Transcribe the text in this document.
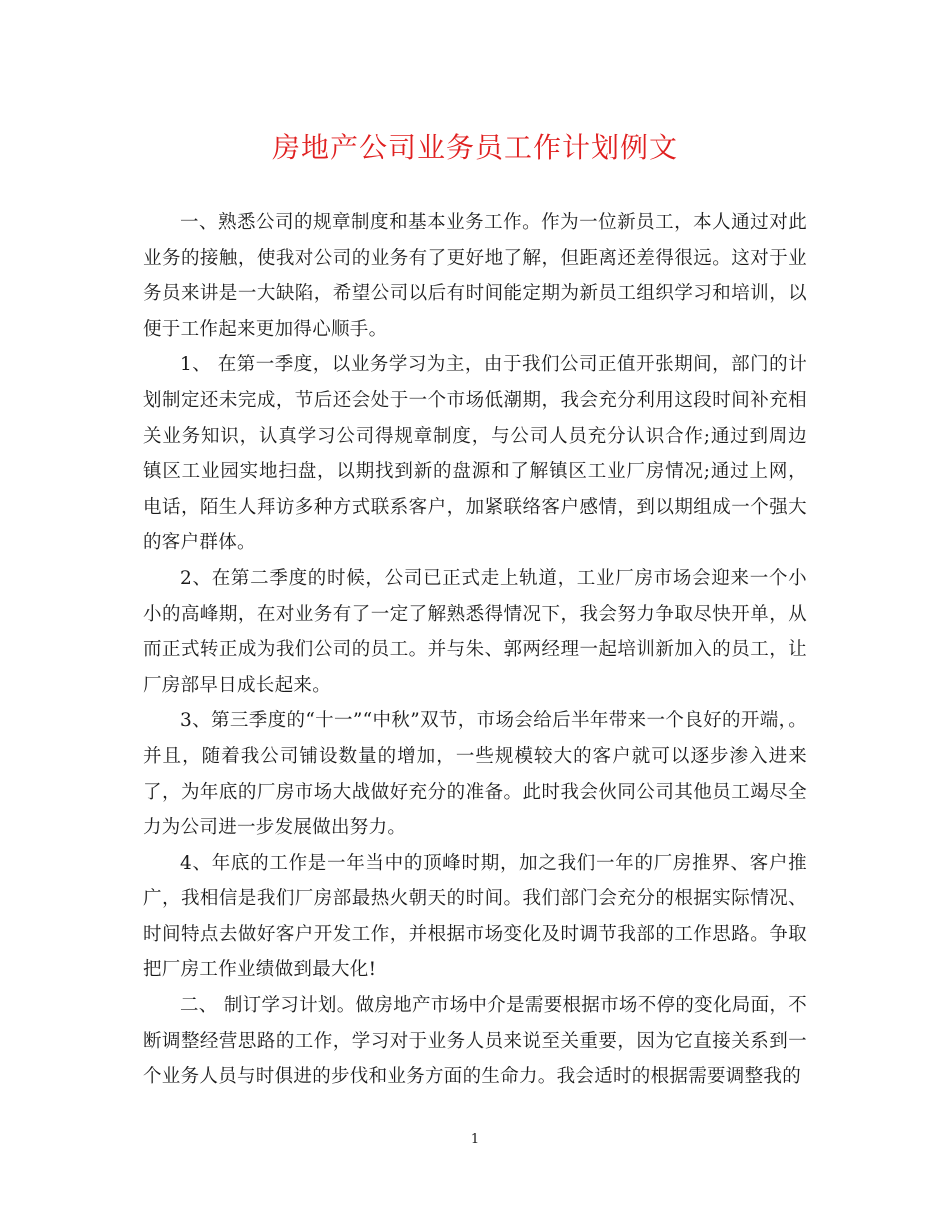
房地产公司业务员工作计划例文

一、熟悉公司的规章制度和基本业务工作。作为一位新员工，本人通过对此业务的接触，使我对公司的业务有了更好地了解，但距离还差得很远。这对于业务员来讲是一大缺陷，希望公司以后有时间能定期为新员工组织学习和培训，以便于工作起来更加得心顺手。

1、 在第一季度，以业务学习为主，由于我们公司正值开张期间，部门的计划制定还未完成，节后还会处于一个市场低潮期，我会充分利用这段时间补充相关业务知识，认真学习公司得规章制度，与公司人员充分认识合作;通过到周边镇区工业园实地扫盘，以期找到新的盘源和了解镇区工业厂房情况;通过上网，电话，陌生人拜访多种方式联系客户，加紧联络客户感情，到以期组成一个强大的客户群体。

2、在第二季度的时候，公司已正式走上轨道，工业厂房市场会迎来一个小小的高峰期，在对业务有了一定了解熟悉得情况下，我会努力争取尽快开单，从而正式转正成为我们公司的员工。并与朱、郭两经理一起培训新加入的员工，让厂房部早日成长起来。

3、第三季度的“十一”“中秋”双节，市场会给后半年带来一个良好的开端，。并且，随着我公司铺设数量的增加，一些规模较大的客户就可以逐步渗入进来了，为年底的厂房市场大战做好充分的准备。此时我会伙同公司其他员工竭尽全力为公司进一步发展做出努力。

4、年底的工作是一年当中的顶峰时期，加之我们一年的厂房推界、客户推广，我相信是我们厂房部最热火朝天的时间。我们部门会充分的根据实际情况、时间特点去做好客户开发工作，并根据市场变化及时调节我部的工作思路。争取把厂房工作业绩做到最大化!

二、 制订学习计划。做房地产市场中介是需要根据市场不停的变化局面，不断调整经营思路的工作，学习对于业务人员来说至关重要，因为它直接关系到一个业务人员与时俱进的步伐和业务方面的生命力。我会适时的根据需要调整我的

1
